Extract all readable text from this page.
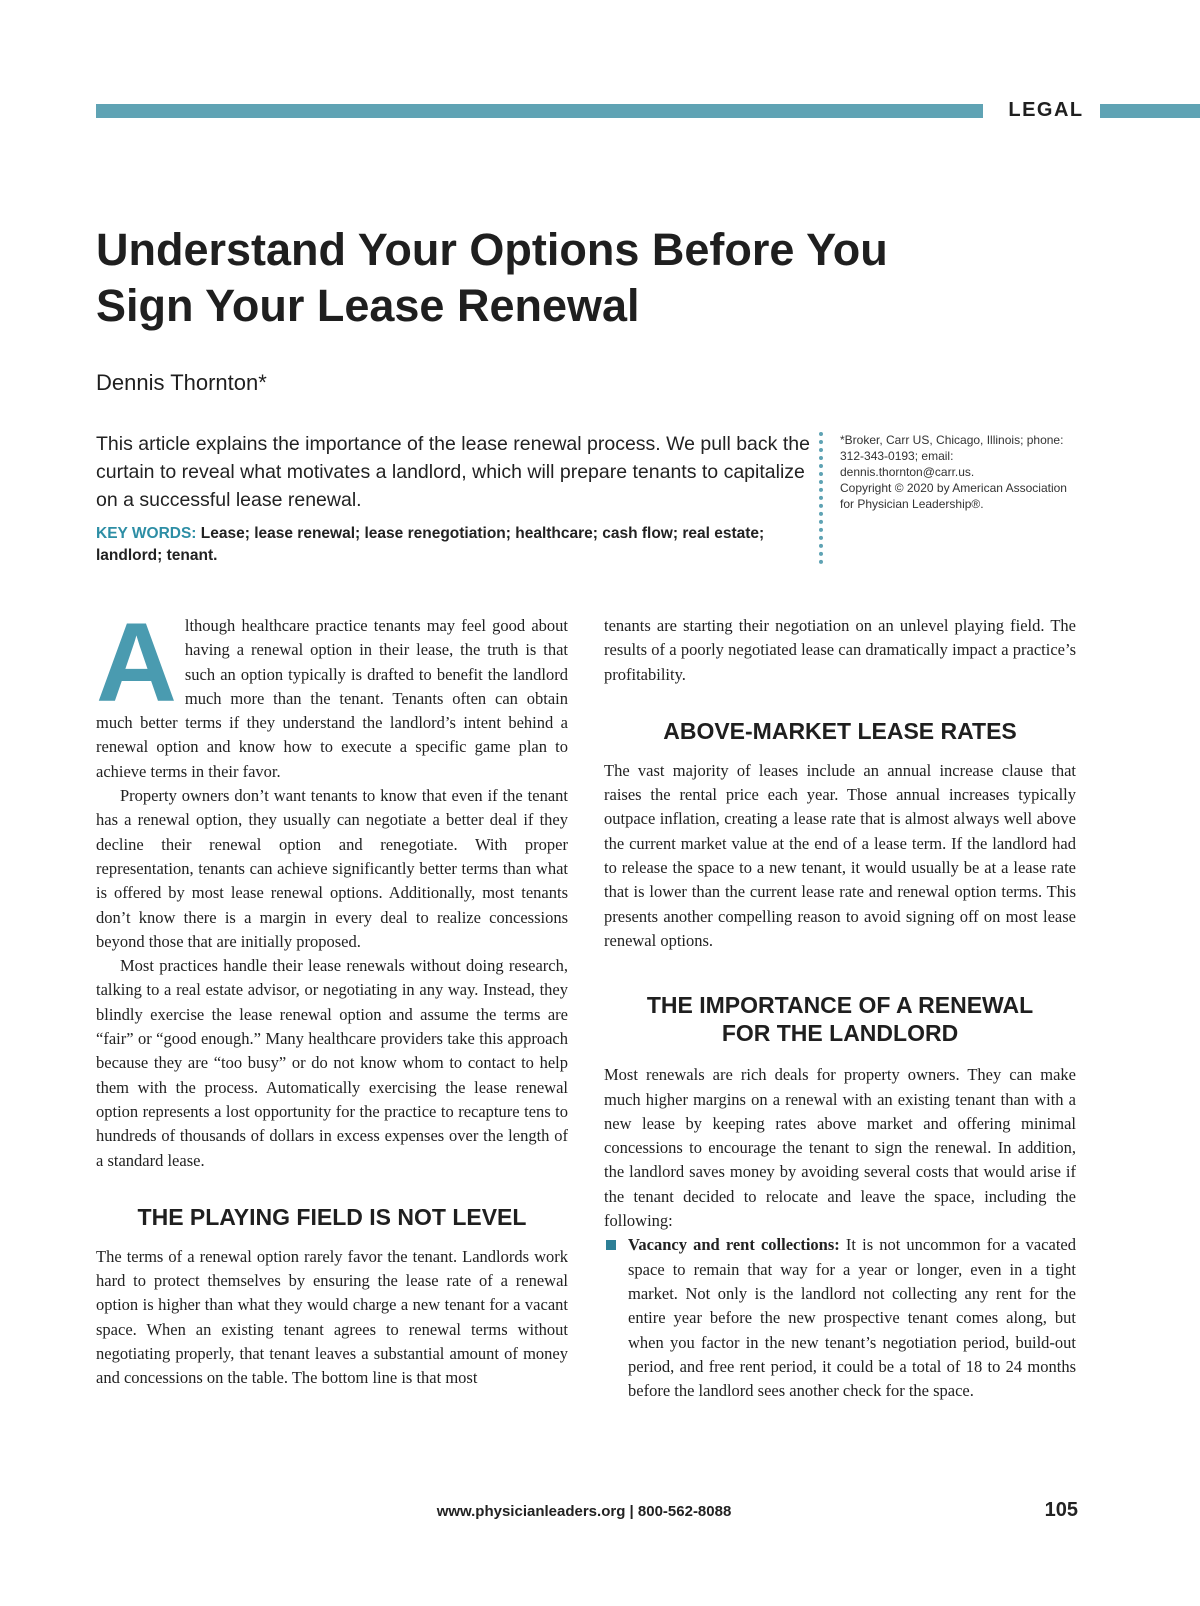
LEGAL
Understand Your Options Before You
Sign Your Lease Renewal

Dennis Thornton*

This article explains the importance of the lease renewal process. We pull back the curtain to reveal what motivates a landlord, which will prepare tenants to capitalize on a successful lease renewal.

KEY WORDS: Lease; lease renewal; lease renegotiation; healthcare; cash flow; real estate; landlord; tenant.

*Broker, Carr US, Chicago, Illinois; phone: 312-343-0193; email: dennis.thornton@carr.us.
Copyright © 2020 by American Association for Physician Leadership®.

Although healthcare practice tenants may feel good about having a renewal option in their lease, the truth is that such an option typically is drafted to benefit the landlord much more than the tenant. Tenants often can obtain much better terms if they understand the landlord’s intent behind a renewal option and know how to execute a specific game plan to achieve terms in their favor.

Property owners don’t want tenants to know that even if the tenant has a renewal option, they usually can negotiate a better deal if they decline their renewal option and renegotiate. With proper representation, tenants can achieve significantly better terms than what is offered by most lease renewal options. Additionally, most tenants don’t know there is a margin in every deal to realize concessions beyond those that are initially proposed.

Most practices handle their lease renewals without doing research, talking to a real estate advisor, or negotiating in any way. Instead, they blindly exercise the lease renewal option and assume the terms are “fair” or “good enough.” Many healthcare providers take this approach because they are “too busy” or do not know whom to contact to help them with the process. Automatically exercising the lease renewal option represents a lost opportunity for the practice to recapture tens to hundreds of thousands of dollars in excess expenses over the length of a standard lease.

THE PLAYING FIELD IS NOT LEVEL

The terms of a renewal option rarely favor the tenant. Landlords work hard to protect themselves by ensuring the lease rate of a renewal option is higher than what they would charge a new tenant for a vacant space. When an existing tenant agrees to renewal terms without negotiating properly, that tenant leaves a substantial amount of money and concessions on the table. The bottom line is that most

tenants are starting their negotiation on an unlevel playing field. The results of a poorly negotiated lease can dramatically impact a practice’s profitability.

ABOVE-MARKET LEASE RATES

The vast majority of leases include an annual increase clause that raises the rental price each year. Those annual increases typically outpace inflation, creating a lease rate that is almost always well above the current market value at the end of a lease term. If the landlord had to release the space to a new tenant, it would usually be at a lease rate that is lower than the current lease rate and renewal option terms. This presents another compelling reason to avoid signing off on most lease renewal options.

THE IMPORTANCE OF A RENEWAL
FOR THE LANDLORD

Most renewals are rich deals for property owners. They can make much higher margins on a renewal with an existing tenant than with a new lease by keeping rates above market and offering minimal concessions to encourage the tenant to sign the renewal. In addition, the landlord saves money by avoiding several costs that would arise if the tenant decided to relocate and leave the space, including the following:

Vacancy and rent collections: It is not uncommon for a vacated space to remain that way for a year or longer, even in a tight market. Not only is the landlord not collecting any rent for the entire year before the new prospective tenant comes along, but when you factor in the new tenant’s negotiation period, build-out period, and free rent period, it could be a total of 18 to 24 months before the landlord sees another check for the space.
www.physicianleaders.org | 800-562-8088	105
